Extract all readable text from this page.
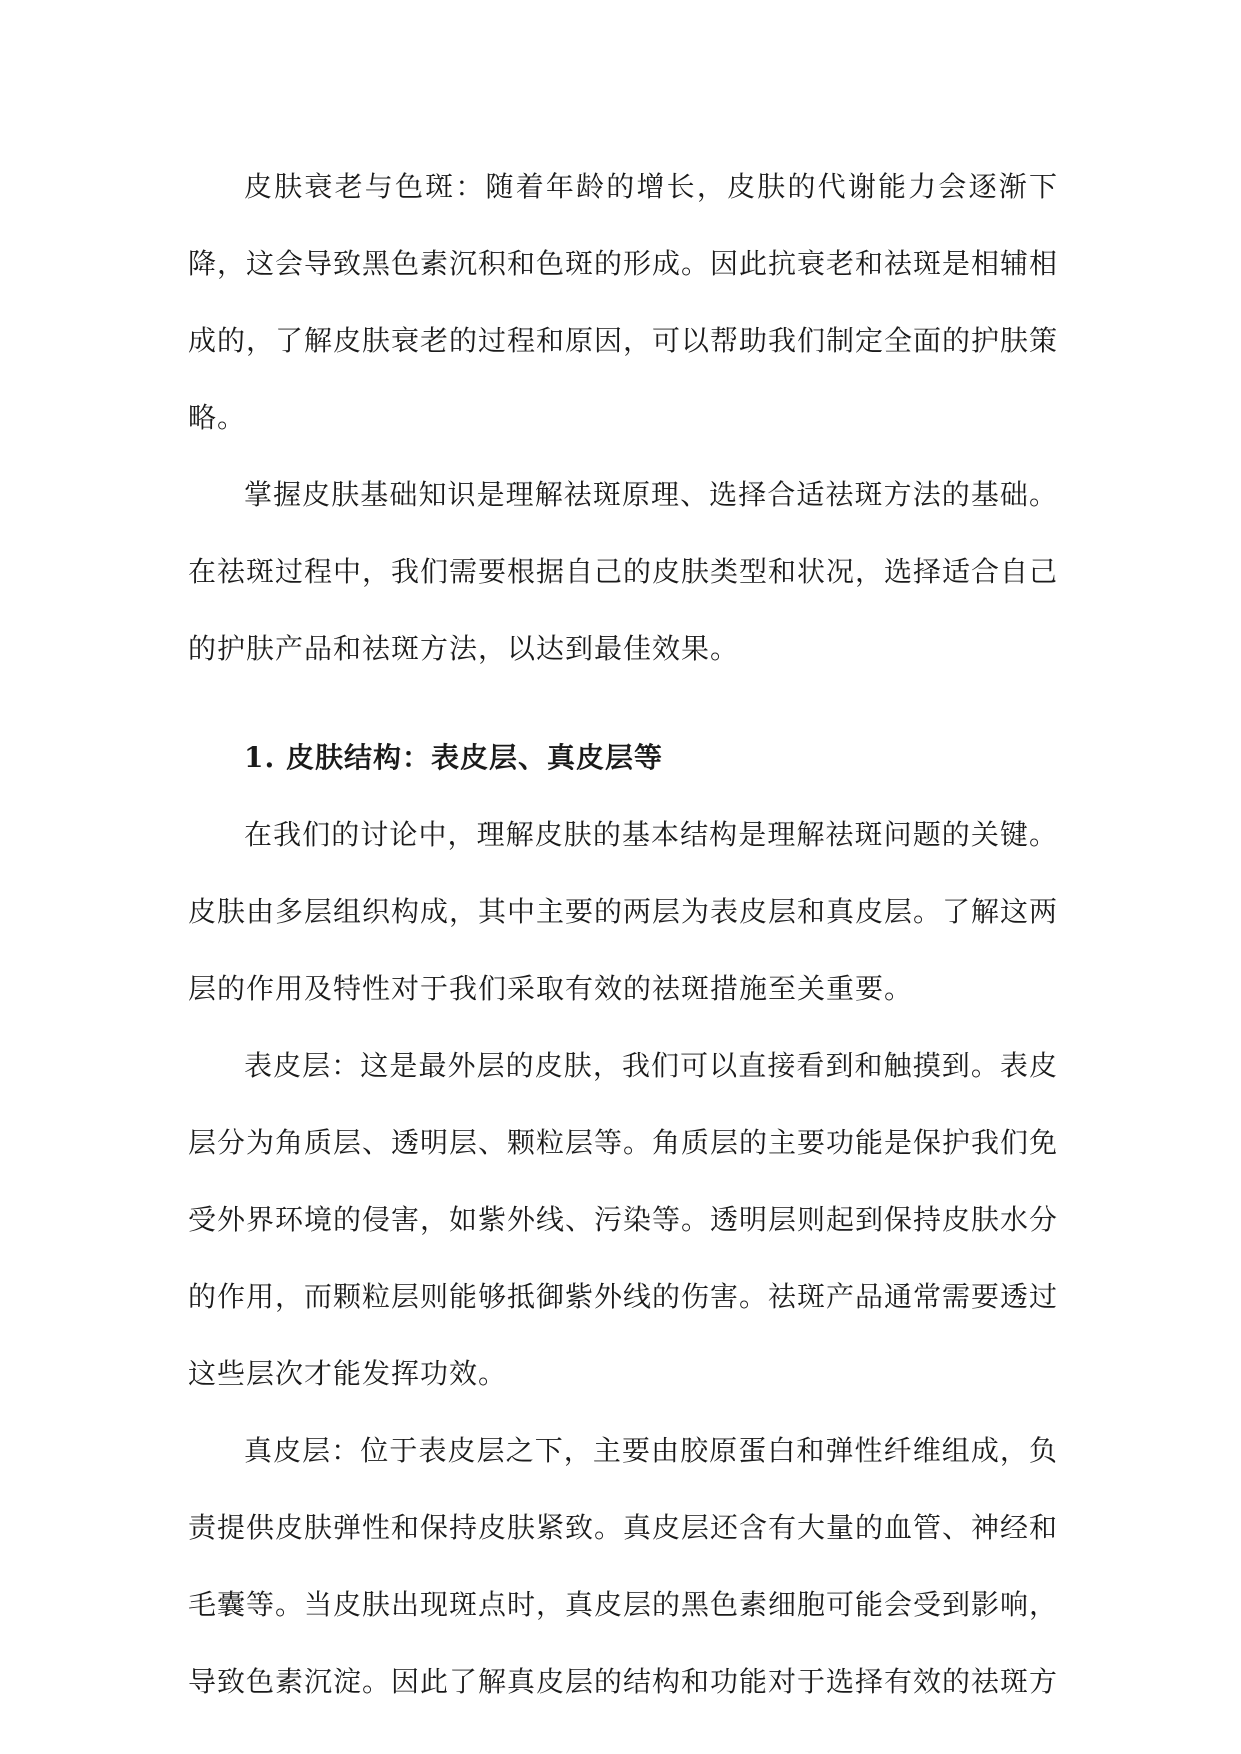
皮肤衰老与色斑：随着年龄的增长，皮肤的代谢能力会逐渐下降，这会导致黑色素沉积和色斑的形成。因此抗衰老和祛斑是相辅相成的，了解皮肤衰老的过程和原因，可以帮助我们制定全面的护肤策略。

掌握皮肤基础知识是理解祛斑原理、选择合适祛斑方法的基础。在祛斑过程中，我们需要根据自己的皮肤类型和状况，选择适合自己的护肤产品和祛斑方法，以达到最佳效果。

1. 皮肤结构：表皮层、真皮层等

在我们的讨论中，理解皮肤的基本结构是理解祛斑问题的关键。皮肤由多层组织构成，其中主要的两层为表皮层和真皮层。了解这两层的作用及特性对于我们采取有效的祛斑措施至关重要。

表皮层：这是最外层的皮肤，我们可以直接看到和触摸到。表皮层分为角质层、透明层、颗粒层等。角质层的主要功能是保护我们免受外界环境的侵害，如紫外线、污染等。透明层则起到保持皮肤水分的作用，而颗粒层则能够抵御紫外线的伤害。祛斑产品通常需要透过这些层次才能发挥功效。

真皮层：位于表皮层之下，主要由胶原蛋白和弹性纤维组成，负责提供皮肤弹性和保持皮肤紧致。真皮层还含有大量的血管、神经和毛囊等。当皮肤出现斑点时，真皮层的黑色素细胞可能会受到影响，导致色素沉淀。因此了解真皮层的结构和功能对于选择有效的祛斑方
